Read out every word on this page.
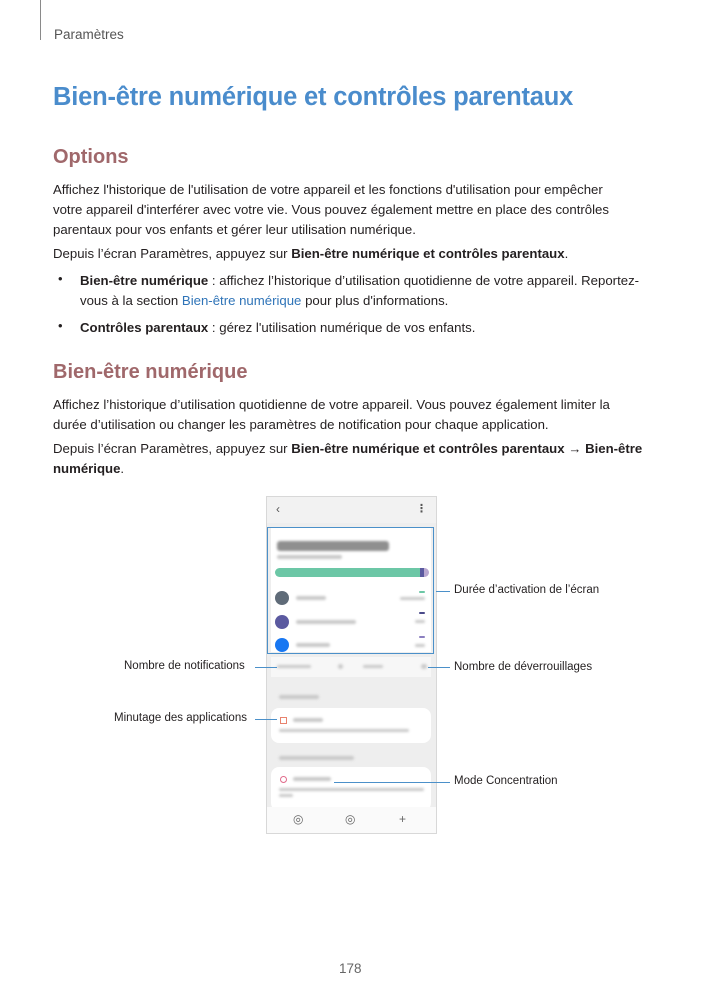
Paramètres
Bien-être numérique et contrôles parentaux
Options
Affichez l'historique de l'utilisation de votre appareil et les fonctions d'utilisation pour empêcher
votre appareil d'interférer avec votre vie. Vous pouvez également mettre en place des contrôles
parentaux pour vos enfants et gérer leur utilisation numérique.
Depuis l’écran Paramètres, appuyez sur Bien-être numérique et contrôles parentaux.
• Bien-être numérique : affichez l’historique d’utilisation quotidienne de votre appareil. Reportez-
vous à la section Bien-être numérique pour plus d'informations.
• Contrôles parentaux : gérez l'utilisation numérique de vos enfants.
Bien-être numérique
Affichez l’historique d’utilisation quotidienne de votre appareil. Vous pouvez également limiter la
durée d’utilisation ou changer les paramètres de notification pour chaque application.
Depuis l’écran Paramètres, appuyez sur Bien-être numérique et contrôles parentaux → Bien-être
numérique.
‹	⋮
◎	◎	+
Durée d’activation de l’écran
Nombre de notifications	Nombre de déverrouillages
Minutage des applications
Mode Concentration
178
